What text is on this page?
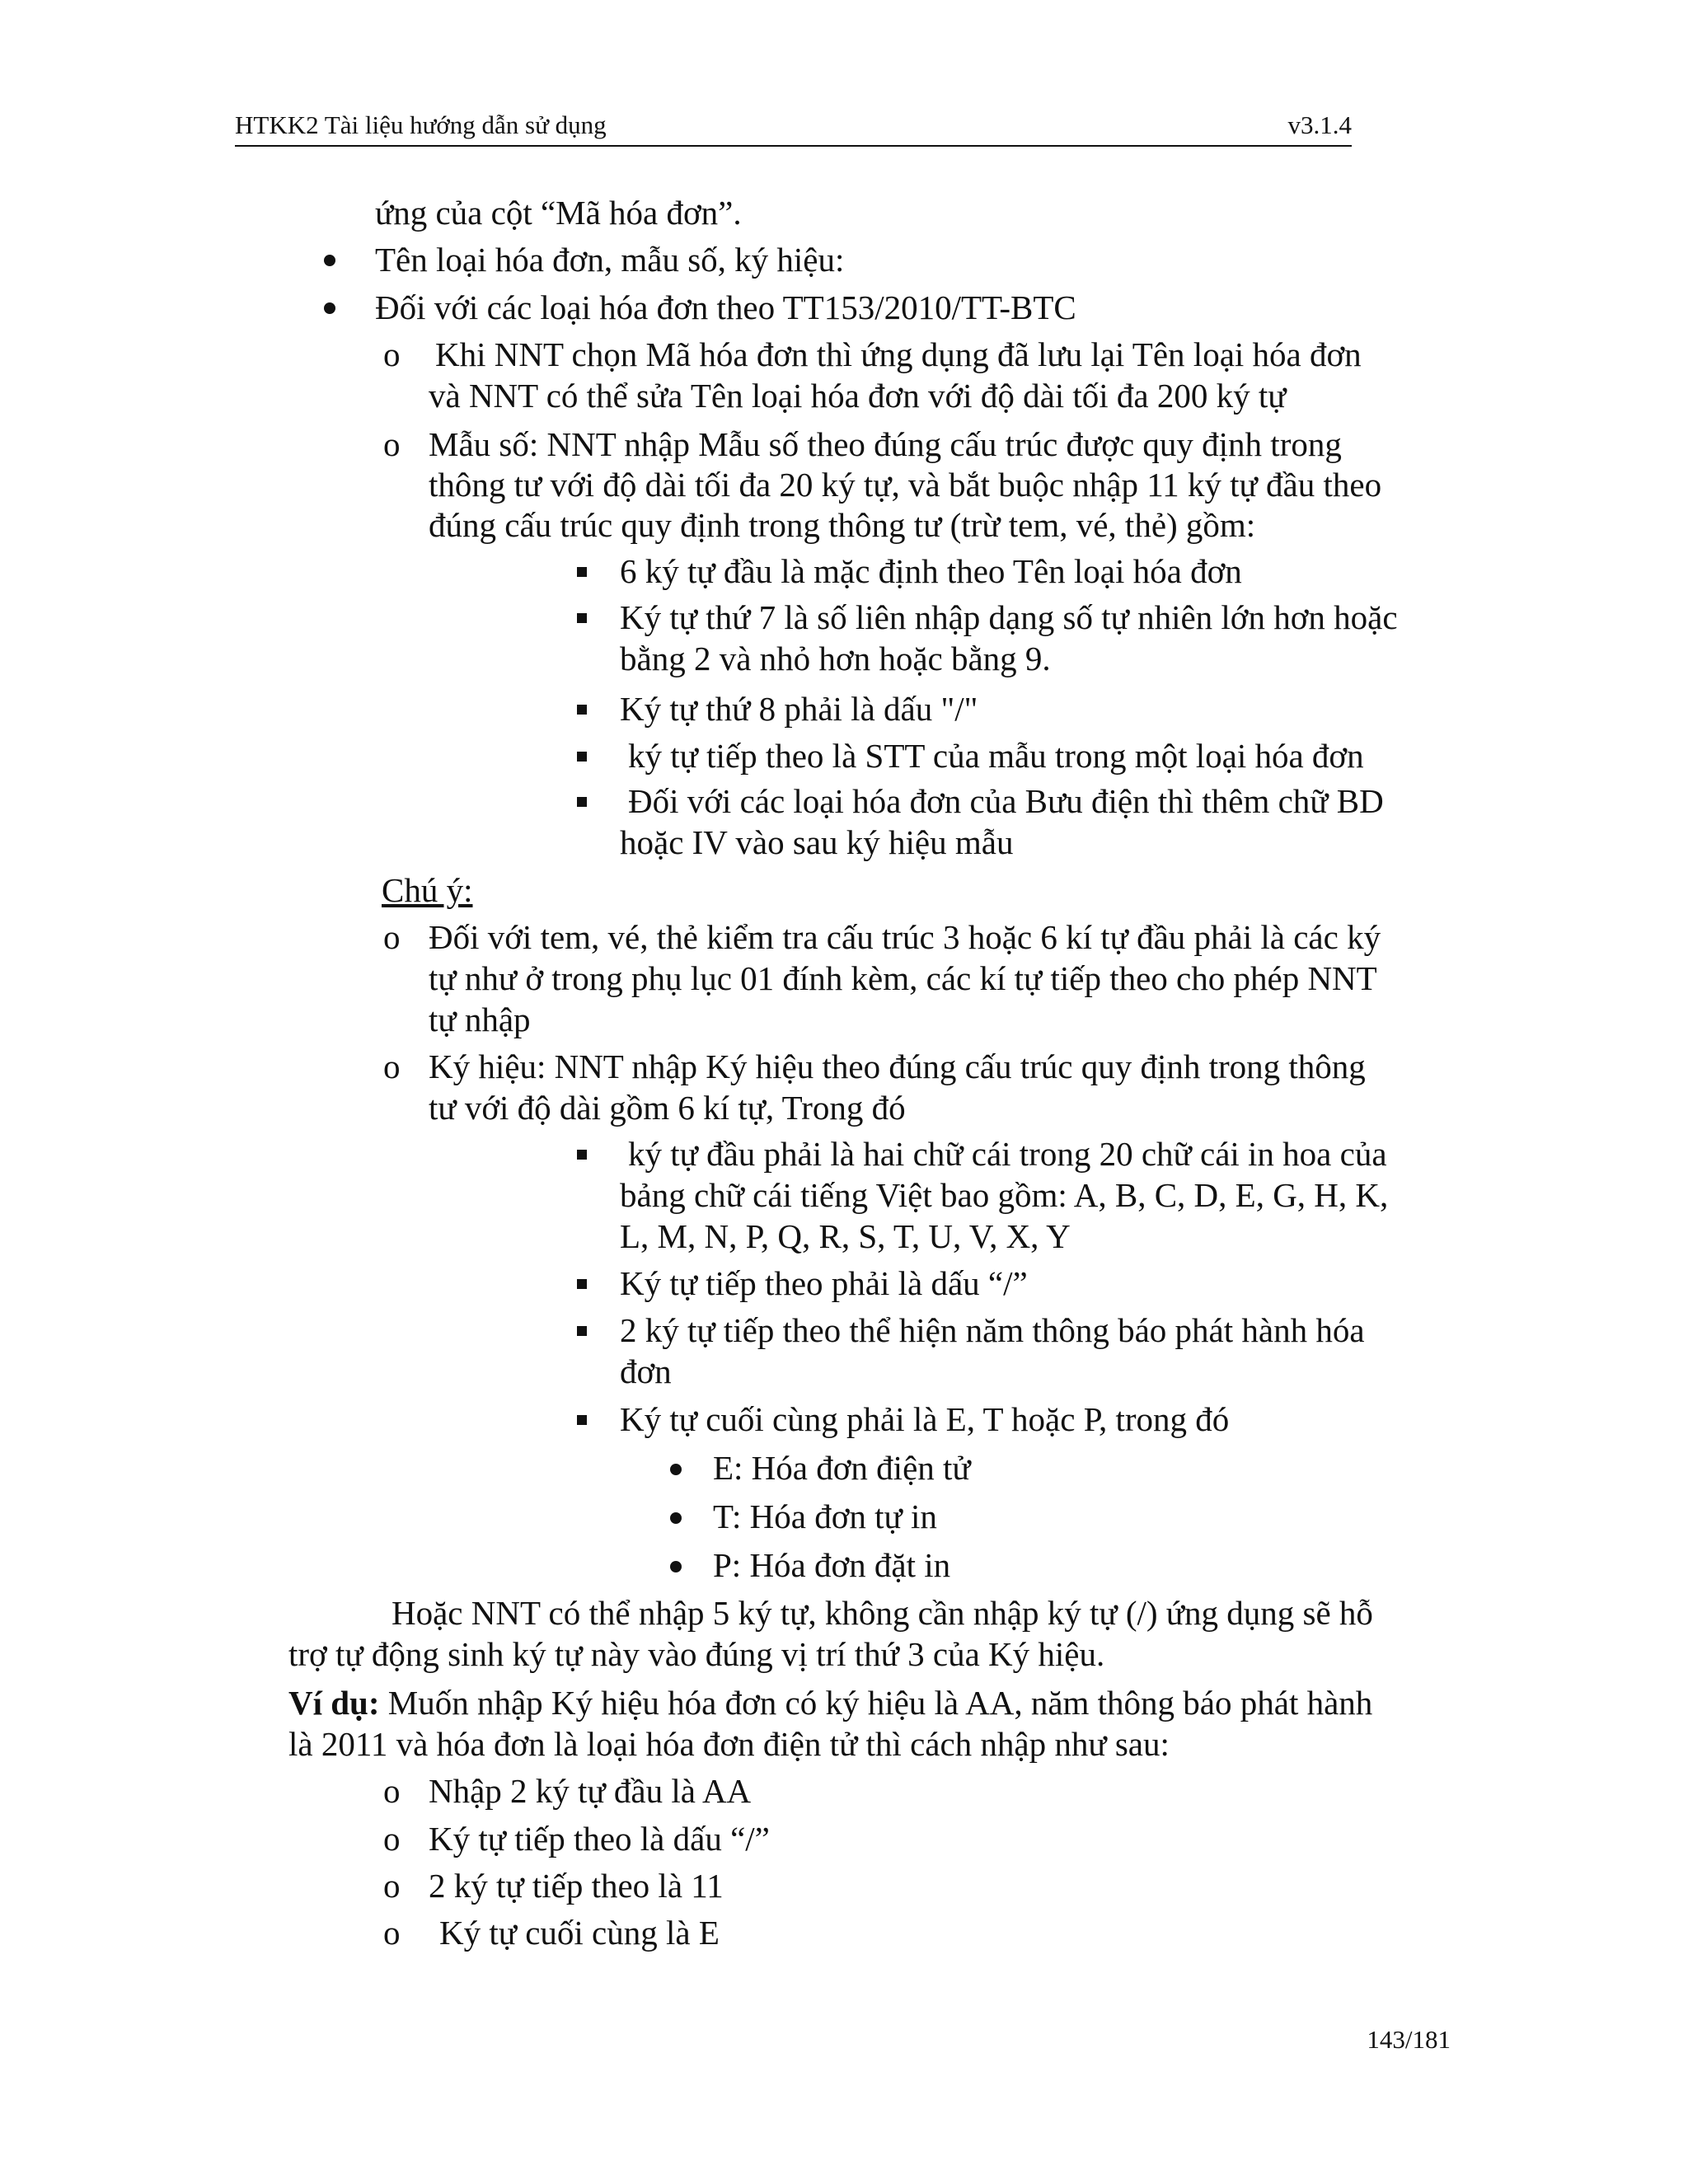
HTKK2 Tài liệu hướng dẫn sử dụng	v3.1.4
ứng của cột “Mã hóa đơn”.
Tên loại hóa đơn, mẫu số, ký hiệu:
Đối với các loại hóa đơn theo TT153/2010/TT-BTC
o Khi NNT chọn Mã hóa đơn thì ứng dụng đã lưu lại Tên loại hóa đơn
và NNT có thể sửa Tên loại hóa đơn với độ dài tối đa 200 ký tự
o Mẫu số: NNT nhập Mẫu số theo đúng cấu trúc được quy định trong
thông tư với độ dài tối đa 20 ký tự, và bắt buộc nhập 11 ký tự đầu theo
đúng cấu trúc quy định trong thông tư (trừ tem, vé, thẻ) gồm:
6 ký tự đầu là mặc định theo Tên loại hóa đơn
Ký tự thứ 7 là số liên nhập dạng số tự nhiên lớn hơn hoặc
bằng 2 và nhỏ hơn hoặc bằng 9.
Ký tự thứ 8 phải là dấu "/"
ký tự tiếp theo là STT của mẫu trong một loại hóa đơn
Đối với các loại hóa đơn của Bưu điện thì thêm chữ BD
hoặc IV vào sau ký hiệu mẫu
Chú ý:
o Đối với tem, vé, thẻ kiểm tra cấu trúc 3 hoặc 6 kí tự đầu phải là các ký
tự như ở trong phụ lục 01 đính kèm, các kí tự tiếp theo cho phép NNT
tự nhập
o Ký hiệu: NNT nhập Ký hiệu theo đúng cấu trúc quy định trong thông
tư với độ dài gồm 6 kí tự, Trong đó
ký tự đầu phải là hai chữ cái trong 20 chữ cái in hoa của
bảng chữ cái tiếng Việt bao gồm: A, B, C, D, E, G, H, K,
L, M, N, P, Q, R, S, T, U, V, X, Y
Ký tự tiếp theo phải là dấu “/”
2 ký tự tiếp theo thể hiện năm thông báo phát hành hóa
đơn
Ký tự cuối cùng phải là E, T hoặc P, trong đó
E: Hóa đơn điện tử
T: Hóa đơn tự in
P: Hóa đơn đặt in
Hoặc NNT có thể nhập 5 ký tự, không cần nhập ký tự (/) ứng dụng sẽ hỗ
trợ tự động sinh ký tự này vào đúng vị trí thứ 3 của Ký hiệu.
Ví dụ: Muốn nhập Ký hiệu hóa đơn có ký hiệu là AA, năm thông báo phát hành
là 2011 và hóa đơn là loại hóa đơn điện tử thì cách nhập như sau:
o Nhập 2 ký tự đầu là AA
o Ký tự tiếp theo là dấu “/”
o 2 ký tự tiếp theo là 11
o Ký tự cuối cùng là E
143/181
